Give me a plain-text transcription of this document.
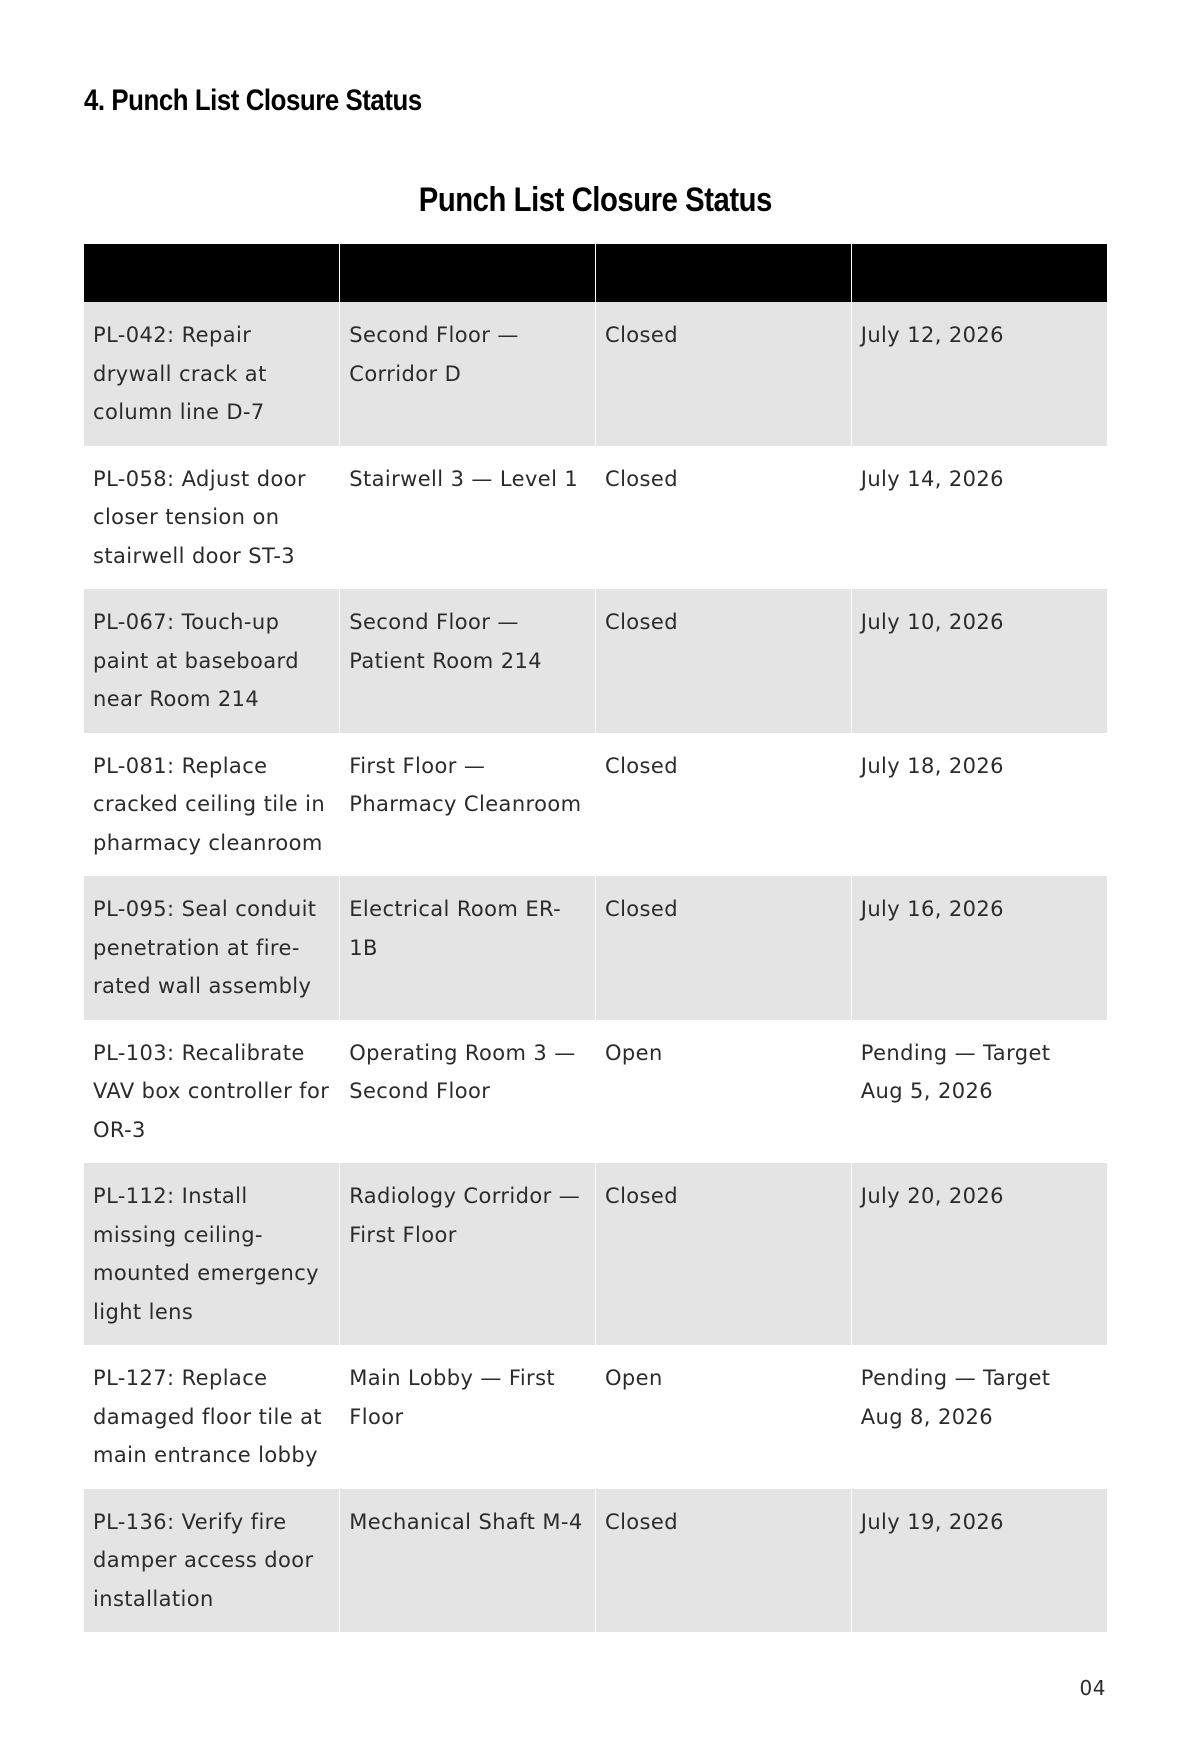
4. Punch List Closure Status
Punch List Closure Status

PL-042: Repair drywall crack at column line D-7	Second Floor — Corridor D	Closed	July 12, 2026
PL-058: Adjust door closer tension on stairwell door ST-3	Stairwell 3 — Level 1	Closed	July 14, 2026
PL-067: Touch-up paint at baseboard near Room 214	Second Floor — Patient Room 214	Closed	July 10, 2026
PL-081: Replace cracked ceiling tile in pharmacy cleanroom	First Floor — Pharmacy Cleanroom	Closed	July 18, 2026
PL-095: Seal conduit penetration at fire-rated wall assembly	Electrical Room ER-1B	Closed	July 16, 2026
PL-103: Recalibrate VAV box controller for OR-3	Operating Room 3 — Second Floor	Open	Pending — Target Aug 5, 2026
PL-112: Install missing ceiling-mounted emergency light lens	Radiology Corridor — First Floor	Closed	July 20, 2026
PL-127: Replace damaged floor tile at main entrance lobby	Main Lobby — First Floor	Open	Pending — Target Aug 8, 2026
PL-136: Verify fire damper access door installation	Mechanical Shaft M-4	Closed	July 19, 2026
04
